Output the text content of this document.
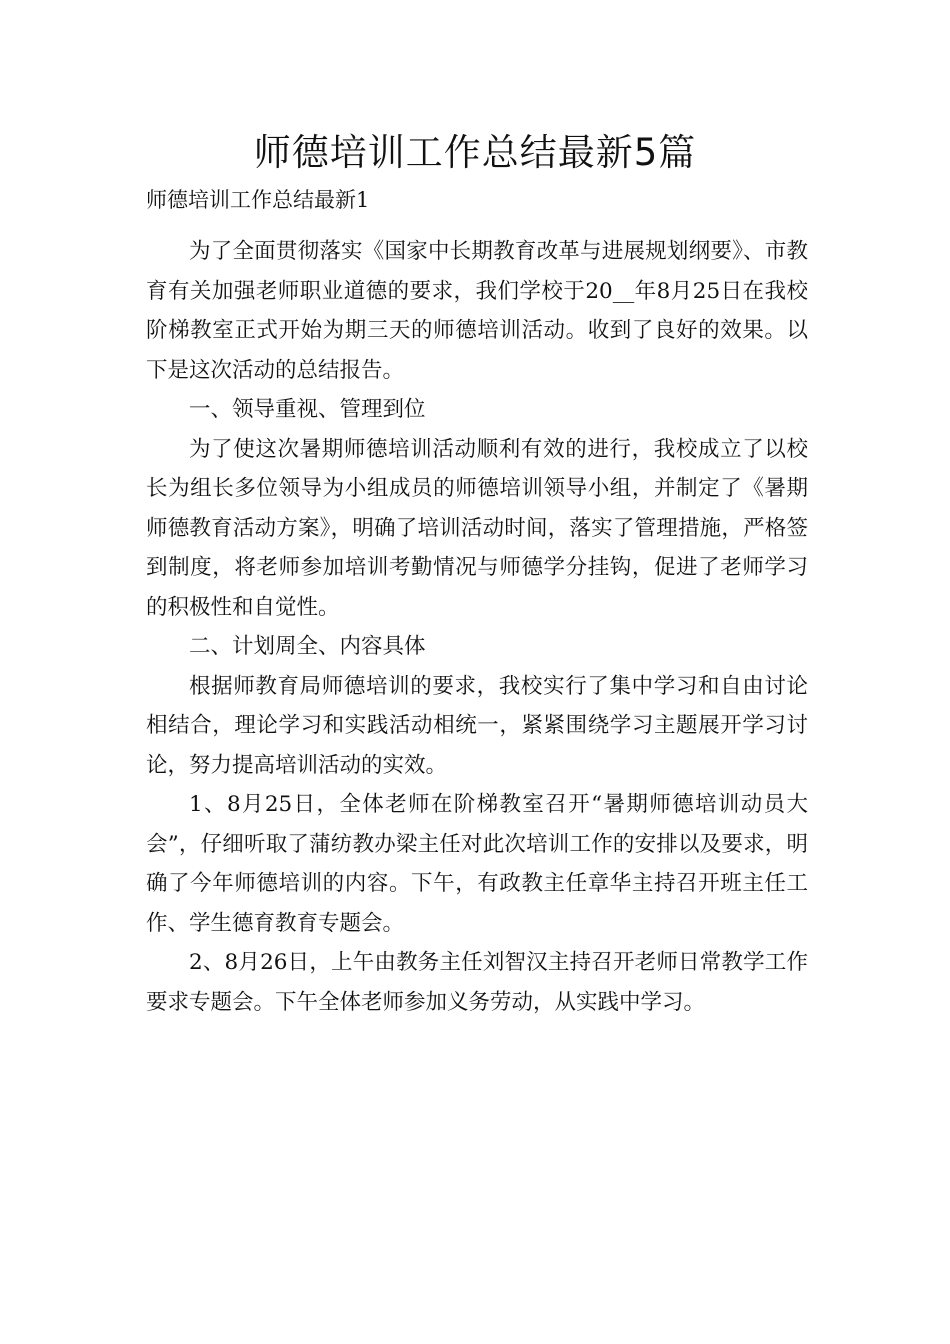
师德培训工作总结最新5篇
师德培训工作总结最新1

为了全面贯彻落实《国家中长期教育改革与进展规划纲要》、市教育有关加强老师职业道德的要求，我们学校于20__年8月25日在我校阶梯教室正式开始为期三天的师德培训活动。收到了良好的效果。以下是这次活动的总结报告。

一、领导重视、管理到位

为了使这次暑期师德培训活动顺利有效的进行，我校成立了以校长为组长多位领导为小组成员的师德培训领导小组，并制定了《暑期师德教育活动方案》，明确了培训活动时间，落实了管理措施，严格签到制度，将老师参加培训考勤情况与师德学分挂钩，促进了老师学习的积极性和自觉性。

二、计划周全、内容具体

根据师教育局师德培训的要求，我校实行了集中学习和自由讨论相结合，理论学习和实践活动相统一，紧紧围绕学习主题展开学习讨论，努力提高培训活动的实效。

1、8月25日，全体老师在阶梯教室召开“暑期师德培训动员大会”，仔细听取了蒲纺教办梁主任对此次培训工作的安排以及要求，明确了今年师德培训的内容。下午，有政教主任章华主持召开班主任工作、学生德育教育专题会。

2、8月26日，上午由教务主任刘智汉主持召开老师日常教学工作要求专题会。下午全体老师参加义务劳动，从实践中学习。
